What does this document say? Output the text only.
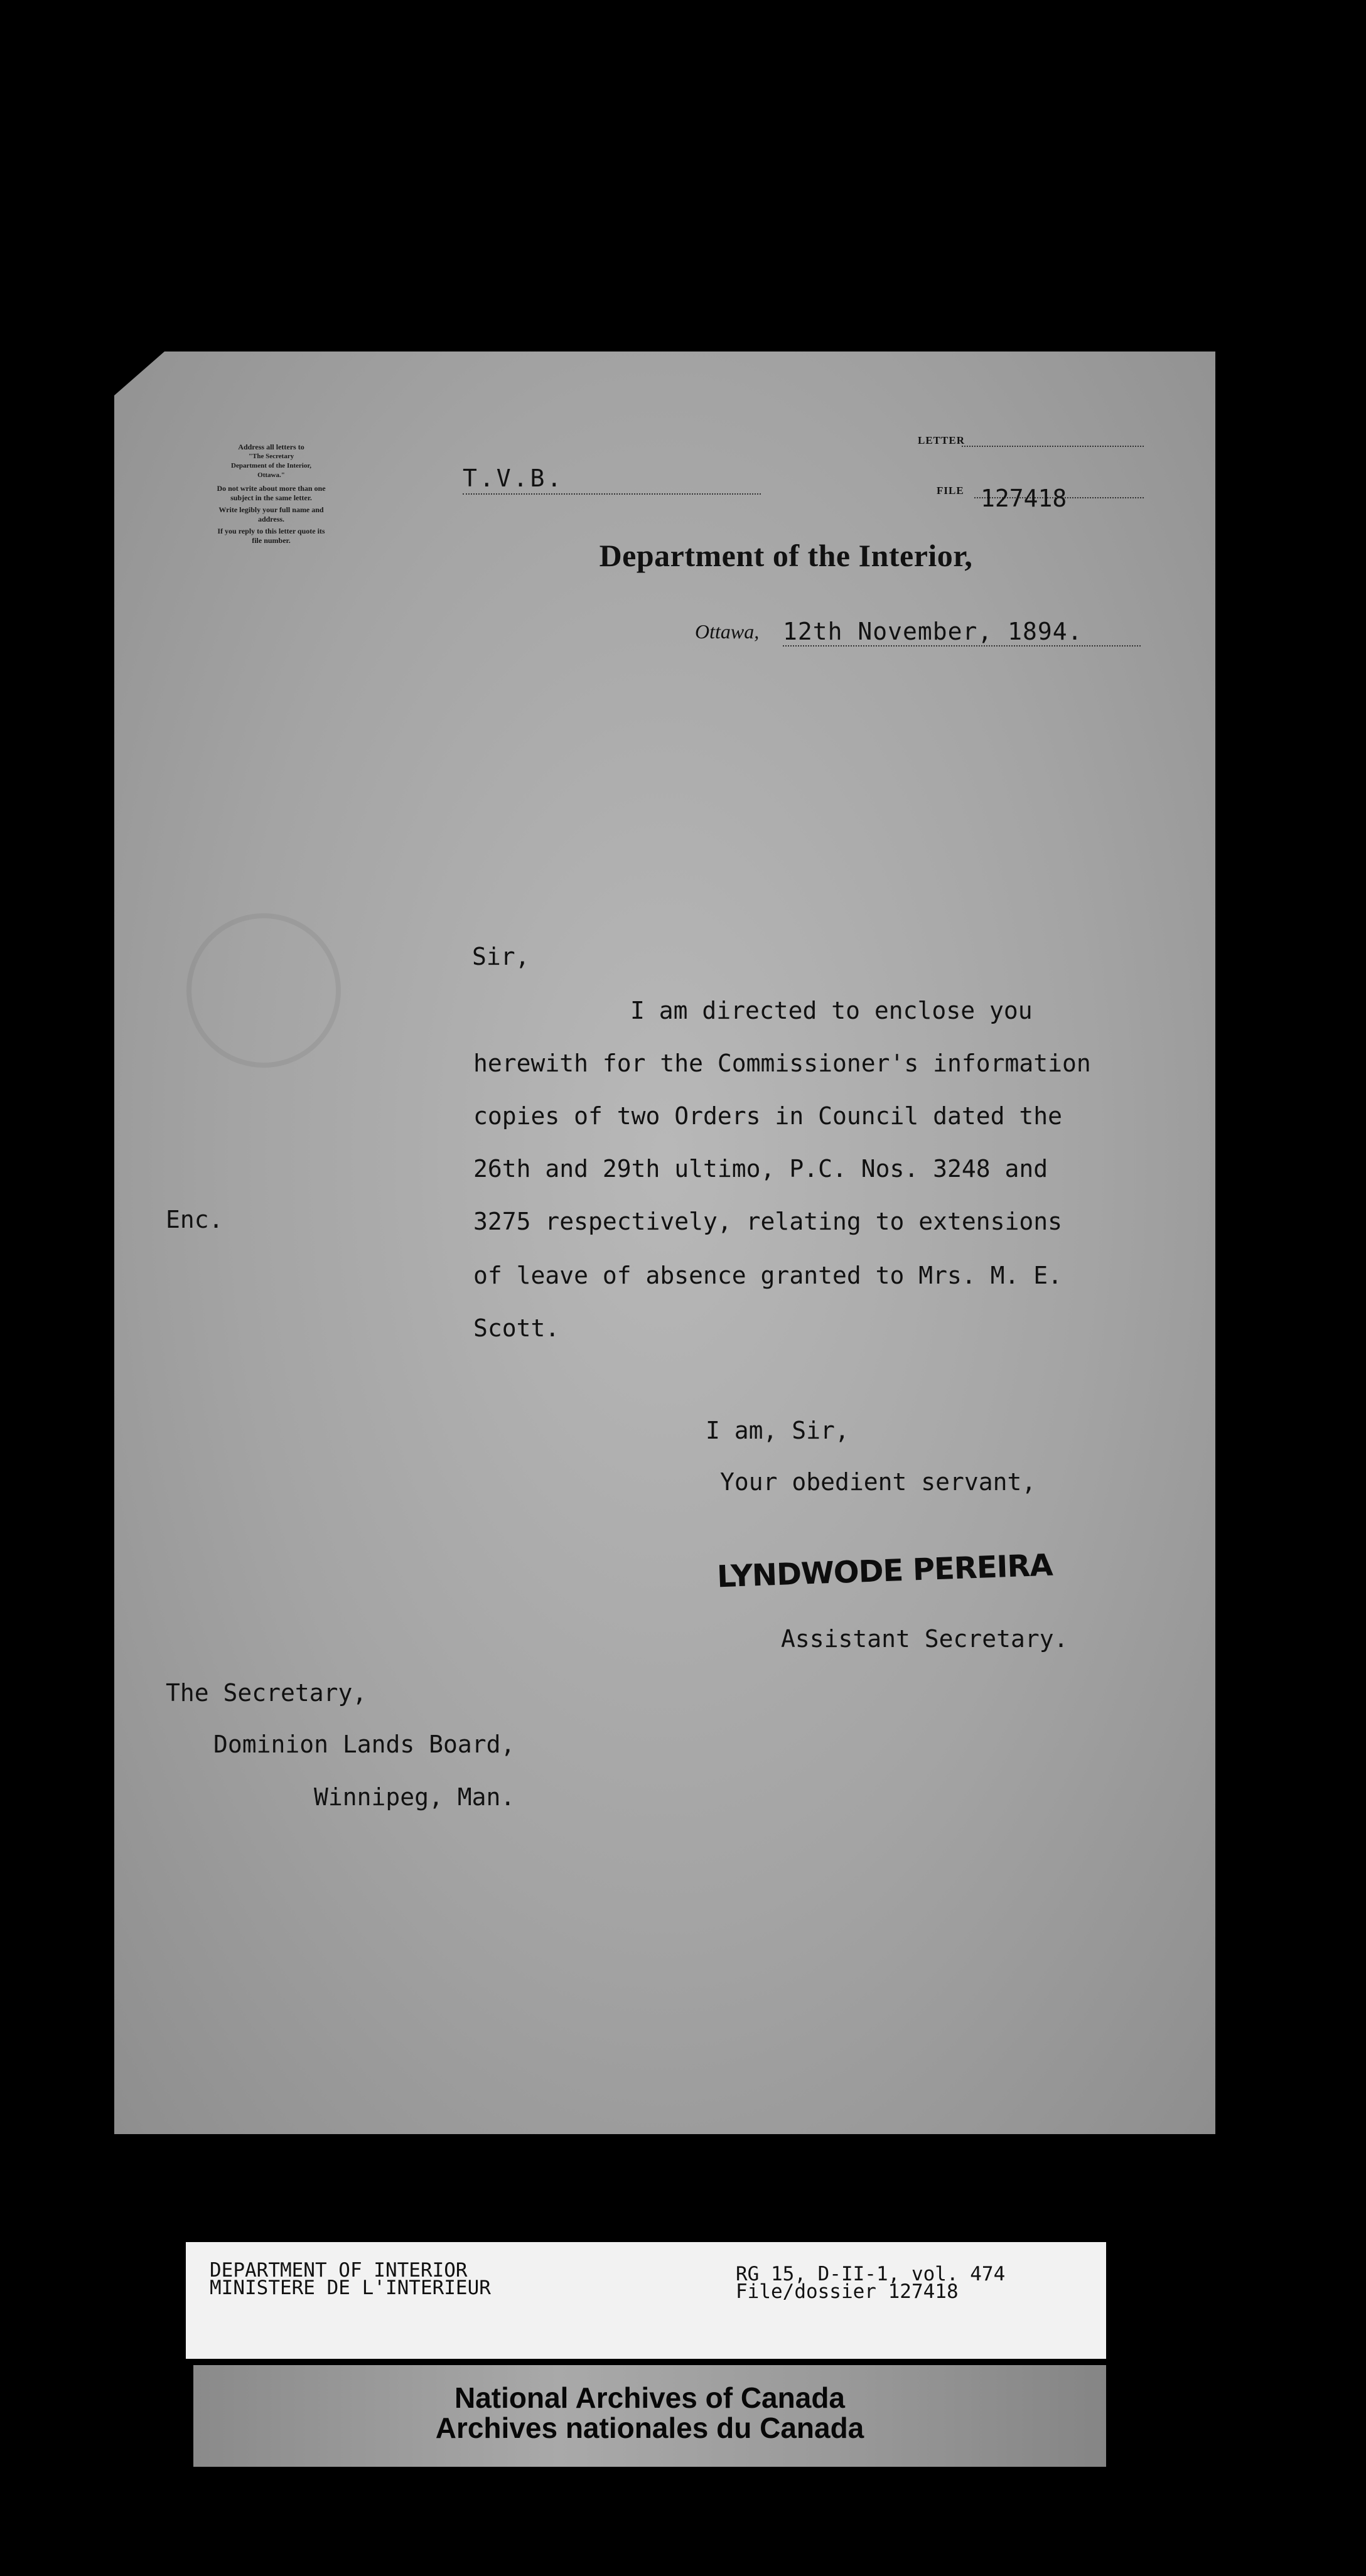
Address all letters to
"The Secretary
Department of the Interior,
Ottawa."
Do not write about more than one
subject in the same letter.
Write legibly your full name and
address.
If you reply to this letter quote its
file number.
T.V.B.
LETTER
FILE 127418
Department of the Interior,
Ottawa, 12th November, 1894.
Sir,
I am directed to enclose you
herewith for the Commissioner's information
copies of two Orders in Council dated the
26th and 29th ultimo, P.C. Nos. 3248 and
3275 respectively, relating to extensions
of leave of absence granted to Mrs. M. E.
Scott.
Enc.
I am, Sir,
Your obedient servant,
LYNDWODE PEREIRA
Assistant Secretary.
The Secretary,
Dominion Lands Board,
Winnipeg, Man.
DEPARTMENT OF INTERIOR
MINISTERE DE L'INTERIEUR
RG 15, D-II-1, vol. 474
File/dossier 127418
National Archives of Canada
Archives nationales du Canada
